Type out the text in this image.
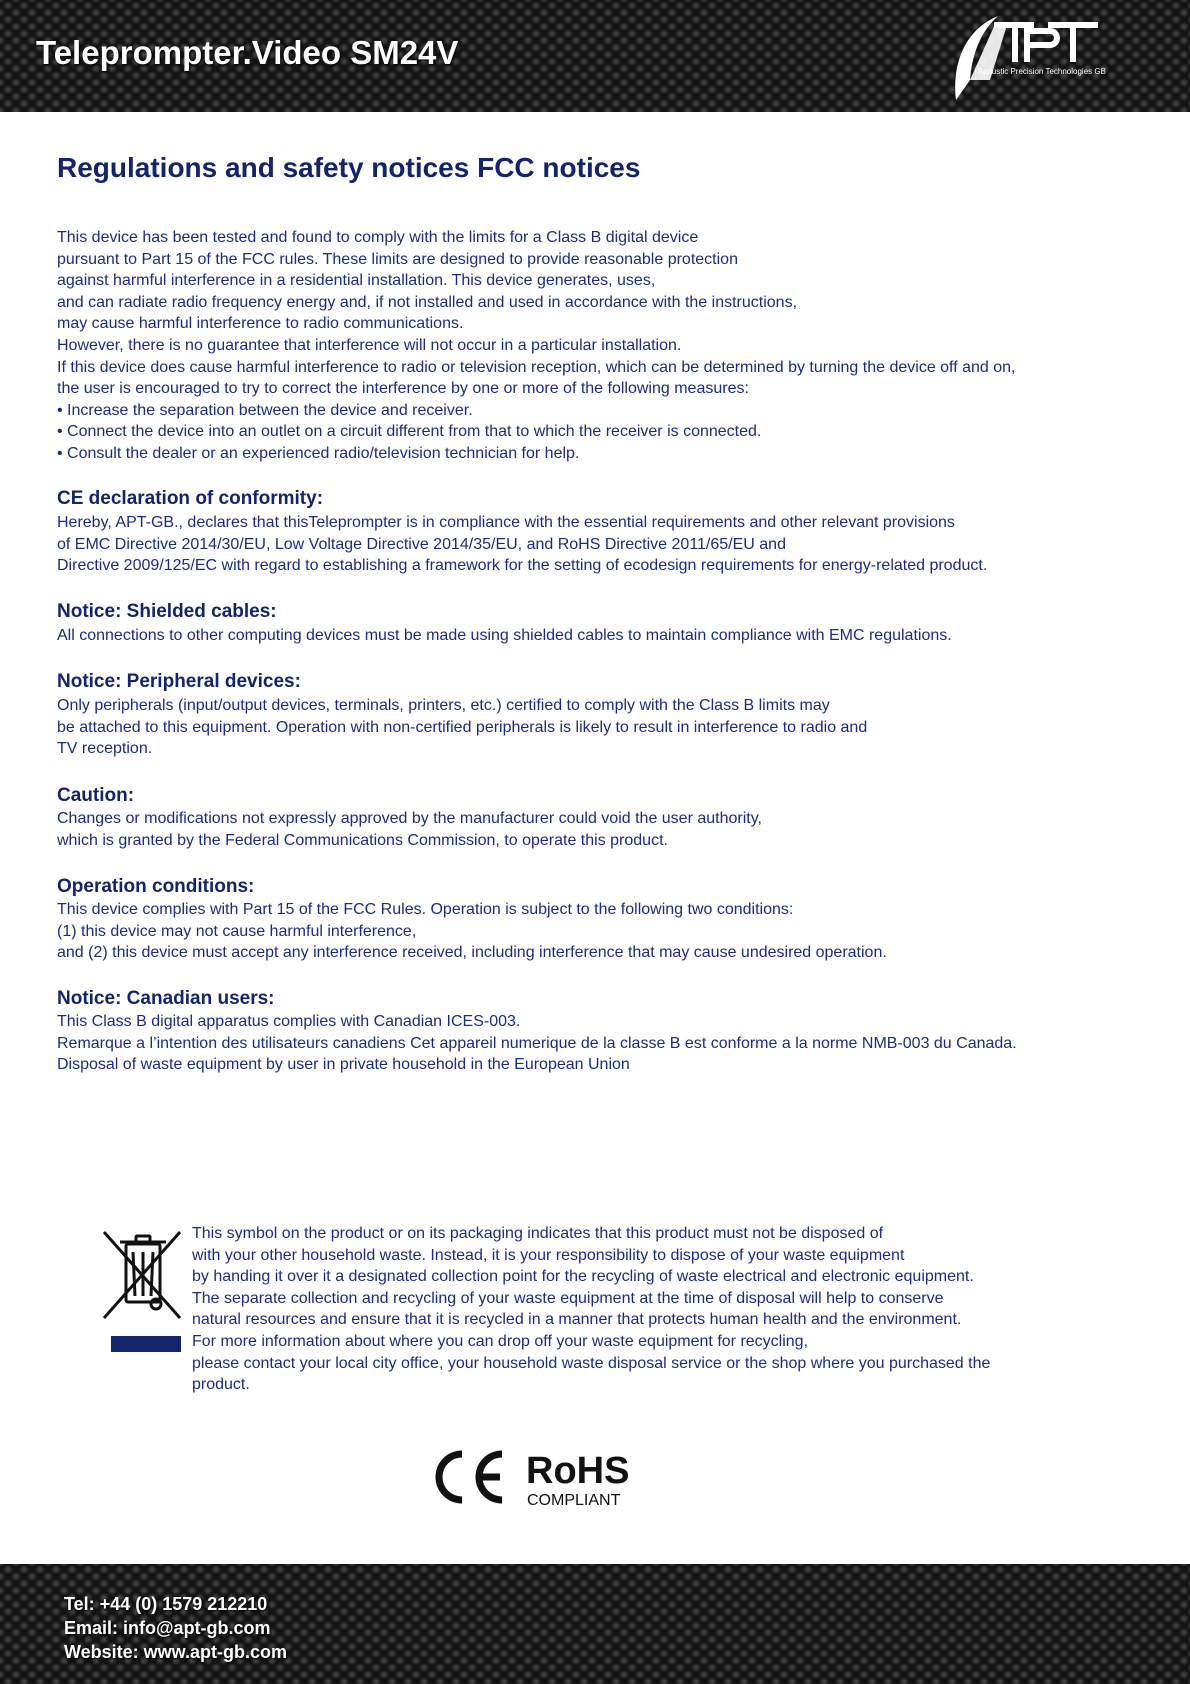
Teleprompter.Video SM24V
Acoustic Precision Technologies GB
Regulations and safety notices FCC notices

This device has been tested and found to comply with the limits for a Class B digital device
pursuant to Part 15 of the FCC rules. These limits are designed to provide reasonable protection
against harmful interference in a residential installation. This device generates, uses,
and can radiate radio frequency energy and, if not installed and used in accordance with the instructions,
may cause harmful interference to radio communications.
However, there is no guarantee that interference will not occur in a particular installation.
If this device does cause harmful interference to radio or television reception, which can be determined by turning the device off and on,
the user is encouraged to try to correct the interference by one or more of the following measures:
• Increase the separation between the device and receiver.
• Connect the device into an outlet on a circuit different from that to which the receiver is connected.
• Consult the dealer or an experienced radio/television technician for help.

CE declaration of conformity:

Hereby, APT-GB., declares that thisTeleprompter is in compliance with the essential requirements and other relevant provisions
of EMC Directive 2014/30/EU, Low Voltage Directive 2014/35/EU, and RoHS Directive 2011/65/EU and
Directive 2009/125/EC with regard to establishing a framework for the setting of ecodesign requirements for energy-related product.

Notice: Shielded cables:

All connections to other computing devices must be made using shielded cables to maintain compliance with EMC regulations.

Notice: Peripheral devices:

Only peripherals (input/output devices, terminals, printers, etc.) certified to comply with the Class B limits may
be attached to this equipment. Operation with non-certified peripherals is likely to result in interference to radio and
TV reception.

Caution:

Changes or modifications not expressly approved by the manufacturer could void the user authority,
which is granted by the Federal Communications Commission, to operate this product.

Operation conditions:

This device complies with Part 15 of the FCC Rules. Operation is subject to the following two conditions:
(1) this device may not cause harmful interference,
and (2) this device must accept any interference received, including interference that may cause undesired operation.

Notice: Canadian users:

This Class B digital apparatus complies with Canadian ICES-003.
Remarque a l’intention des utilisateurs canadiens Cet appareil numerique de la classe B est conforme a la norme NMB-003 du Canada.
Disposal of waste equipment by user in private household in the European Union

This symbol on the product or on its packaging indicates that this product must not be disposed of
with your other household waste. Instead, it is your responsibility to dispose of your waste equipment
by handing it over it a designated collection point for the recycling of waste electrical and electronic equipment.
The separate collection and recycling of your waste equipment at the time of disposal will help to conserve
natural resources and ensure that it is recycled in a manner that protects human health and the environment.
For more information about where you can drop off your waste equipment for recycling,
please contact your local city office, your household waste disposal service or the shop where you purchased the
product.

RoHS
COMPLIANT

Tel: +44 (0) 1579 212210
Email: info@apt-gb.com
Website: www.apt-gb.com
